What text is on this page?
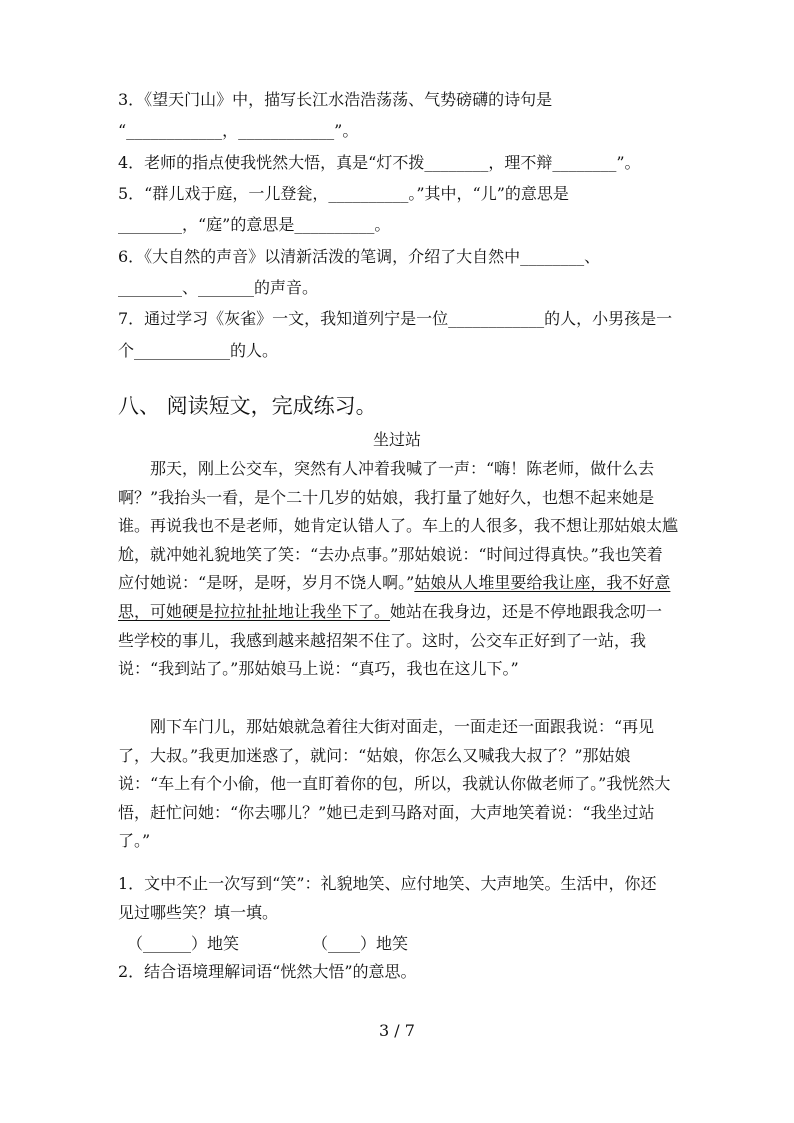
3．《望天门山》中，描写长江水浩浩荡荡、气势磅礴的诗句是
“____________，____________”。
4．老师的指点使我恍然大悟，真是“灯不拨________，理不辩________”。
5．“群儿戏于庭，一儿登瓮，__________。”其中，“儿”的意思是
________，“庭”的意思是__________。
6．《大自然的声音》以清新活泼的笔调，介绍了大自然中________、
________、_______的声音。
7．通过学习《灰雀》一文，我知道列宁是一位____________的人，小男孩是一
个____________的人。
八、 阅读短文，完成练习。
坐过站
　　那天，刚上公交车，突然有人冲着我喊了一声：“嗨！陈老师，做什么去啊？”我抬头一看，是个二十几岁的姑娘，我打量了她好久，也想不起来她是谁。再说我也不是老师，她肯定认错人了。车上的人很多，我不想让那姑娘太尴尬，就冲她礼貌地笑了笑：“去办点事。”那姑娘说：“时间过得真快。”我也笑着应付她说：“是呀，是呀，岁月不饶人啊。”姑娘从人堆里要给我让座，我不好意思，可她硬是拉拉扯扯地让我坐下了。她站在我身边，还是不停地跟我念叨一些学校的事儿，我感到越来越招架不住了。这时，公交车正好到了一站，我说：“我到站了。”那姑娘马上说：“真巧，我也在这儿下。”
　　刚下车门儿，那姑娘就急着往大街对面走，一面走还一面跟我说：“再见了，大叔。”我更加迷惑了，就问：“姑娘，你怎么又喊我大叔了？”那姑娘说：“车上有个小偷，他一直盯着你的包，所以，我就认你做老师了。”我恍然大悟，赶忙问她：“你去哪儿？”她已走到马路对面，大声地笑着说：“我坐过站了。”
1．文中不止一次写到“笑”：礼貌地笑、应付地笑、大声地笑。生活中，你还
见过哪些笑？填一填。
（______）地笑	（____）地笑
2．结合语境理解词语“恍然大悟”的意思。
3 / 7
